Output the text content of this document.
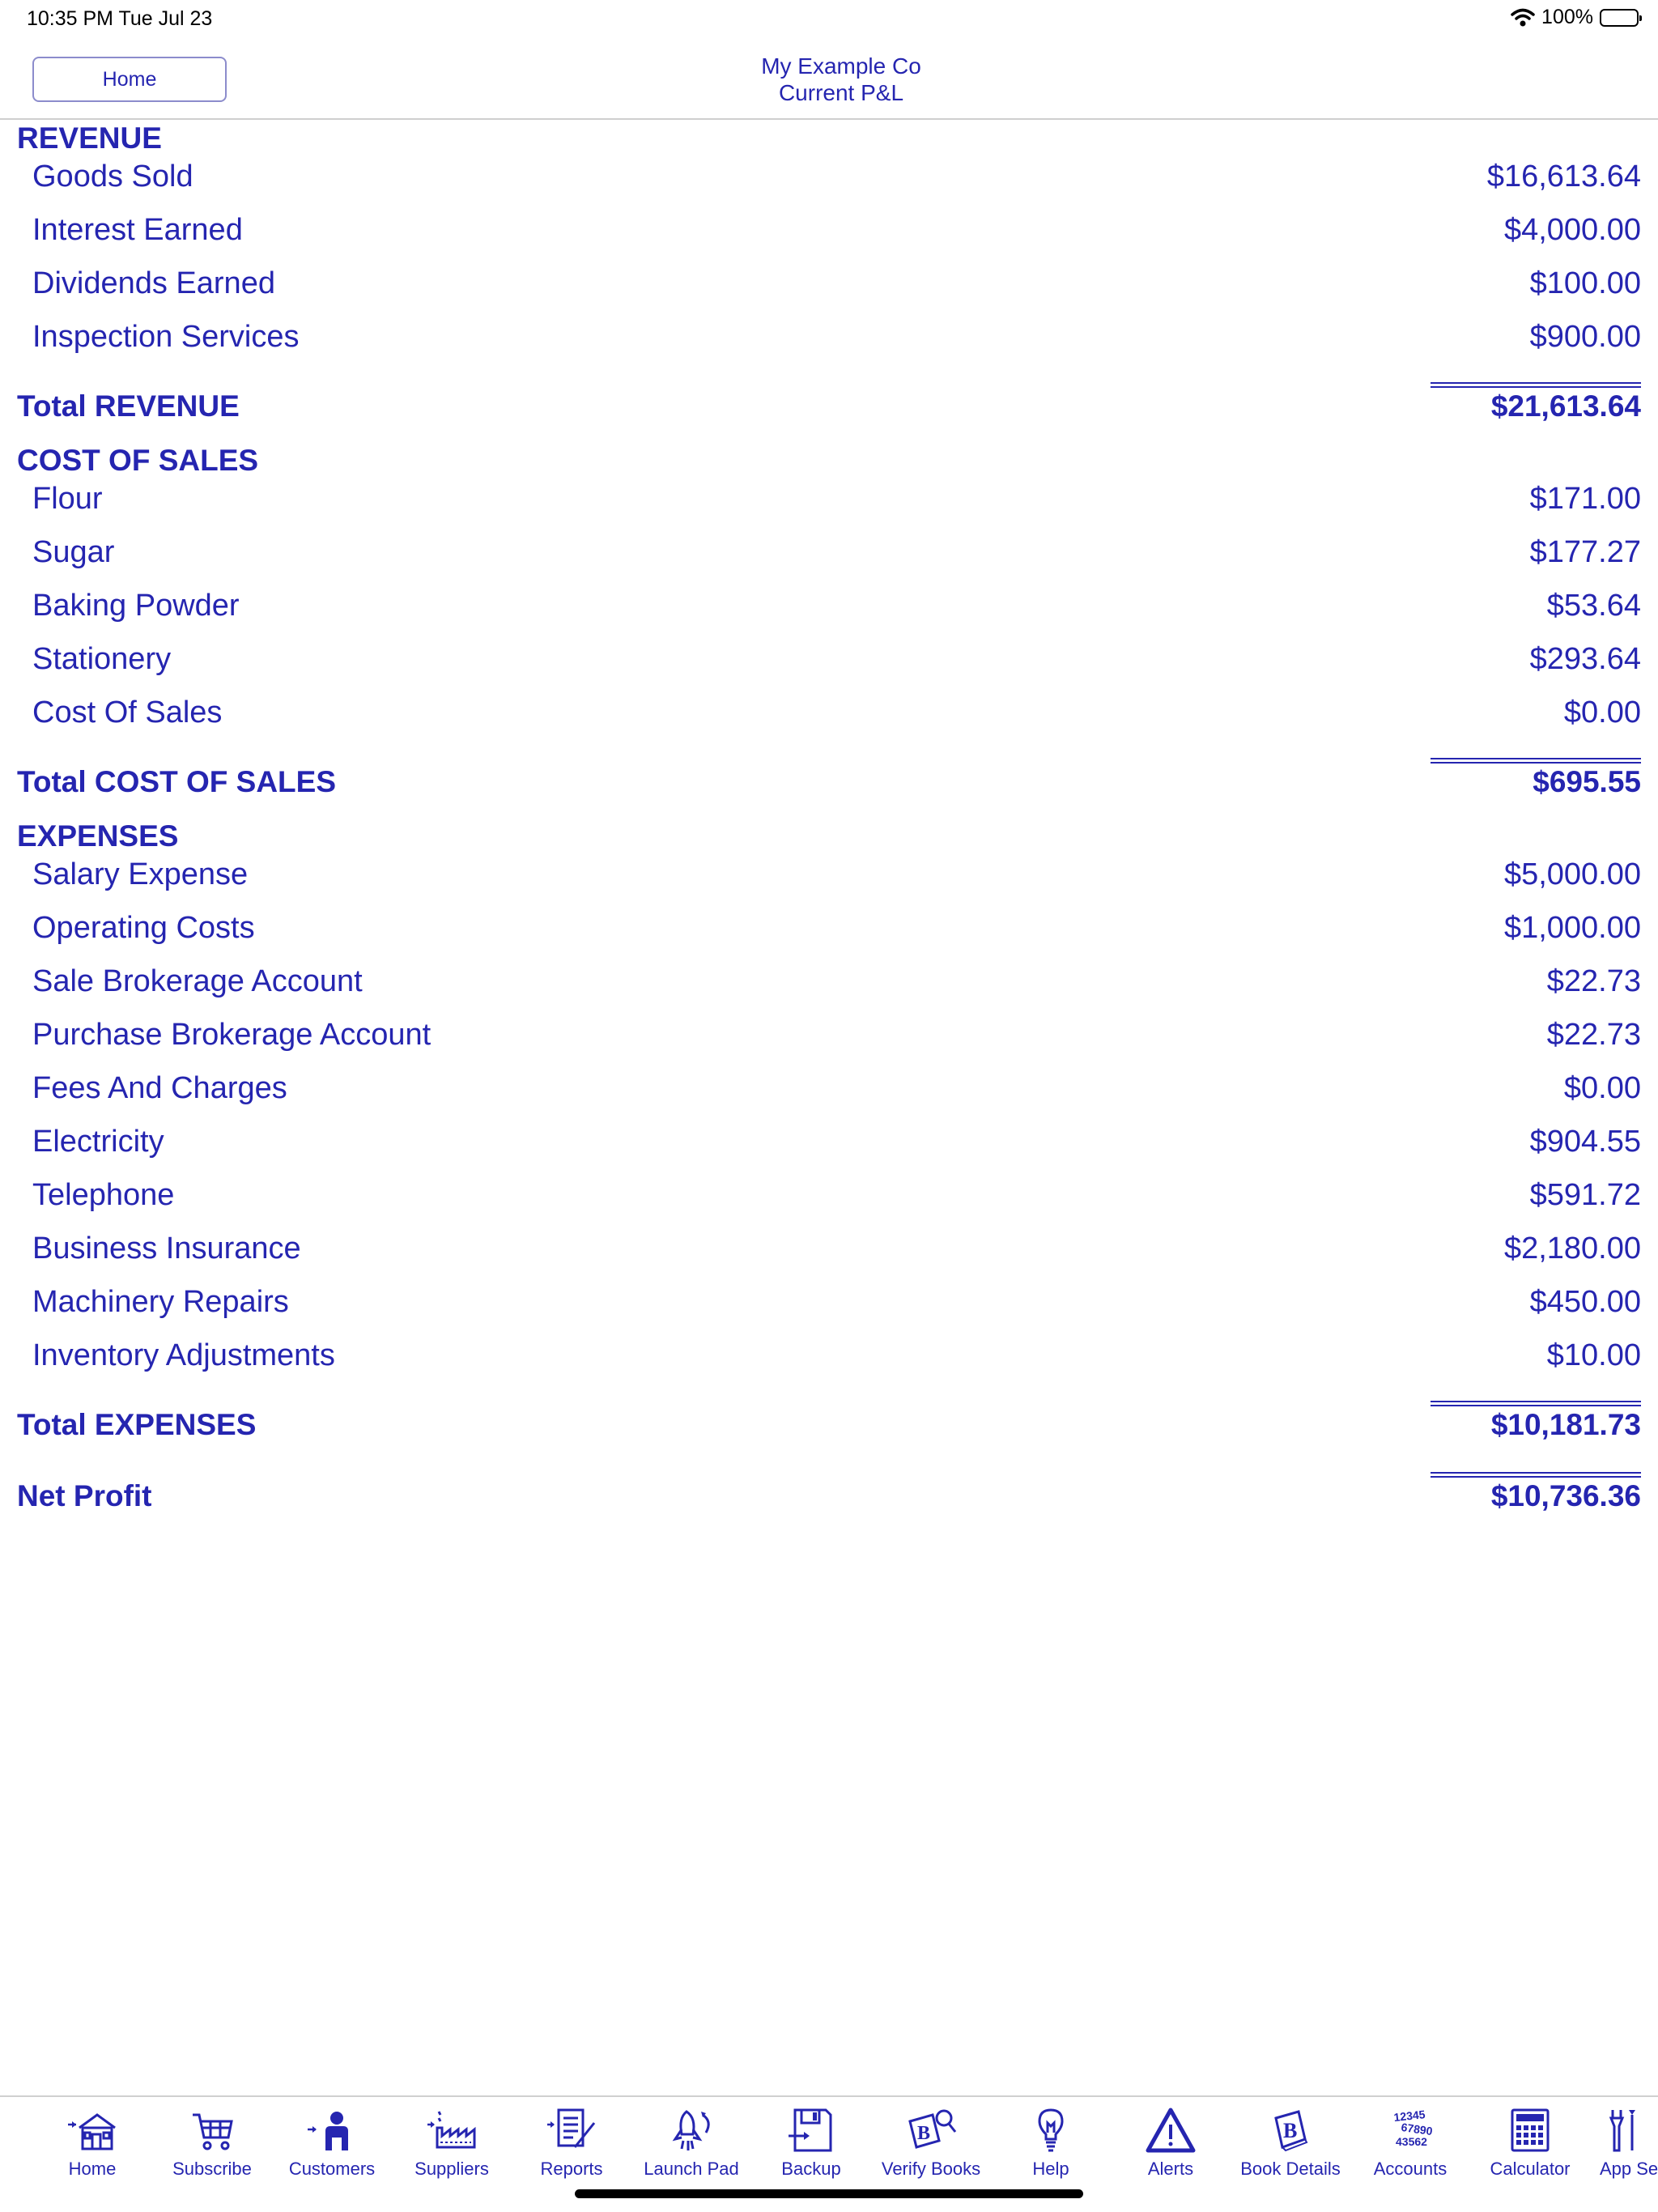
10:35 PM Tue Jul 23	100%
Home
My Example Co
Current P&L
REVENUE
Goods Sold	$16,613.64
Interest Earned	$4,000.00
Dividends Earned	$100.00
Inspection Services	$900.00
Total REVENUE	$21,613.64
COST OF SALES
Flour	$171.00
Sugar	$177.27
Baking Powder	$53.64
Stationery	$293.64
Cost Of Sales	$0.00
Total COST OF SALES	$695.55
EXPENSES
Salary Expense	$5,000.00
Operating Costs	$1,000.00
Sale Brokerage Account	$22.73
Purchase Brokerage Account	$22.73
Fees And Charges	$0.00
Electricity	$904.55
Telephone	$591.72
Business Insurance	$2,180.00
Machinery Repairs	$450.00
Inventory Adjustments	$10.00
Total EXPENSES	$10,181.73
Net Profit	$10,736.36
Home	Subscribe	Customers	Suppliers	Reports	Launch Pad	Backup
B
Verify Books	Help	Alerts
B
Book Details
12345
67890
43562
Accounts	Calculator	App Se
